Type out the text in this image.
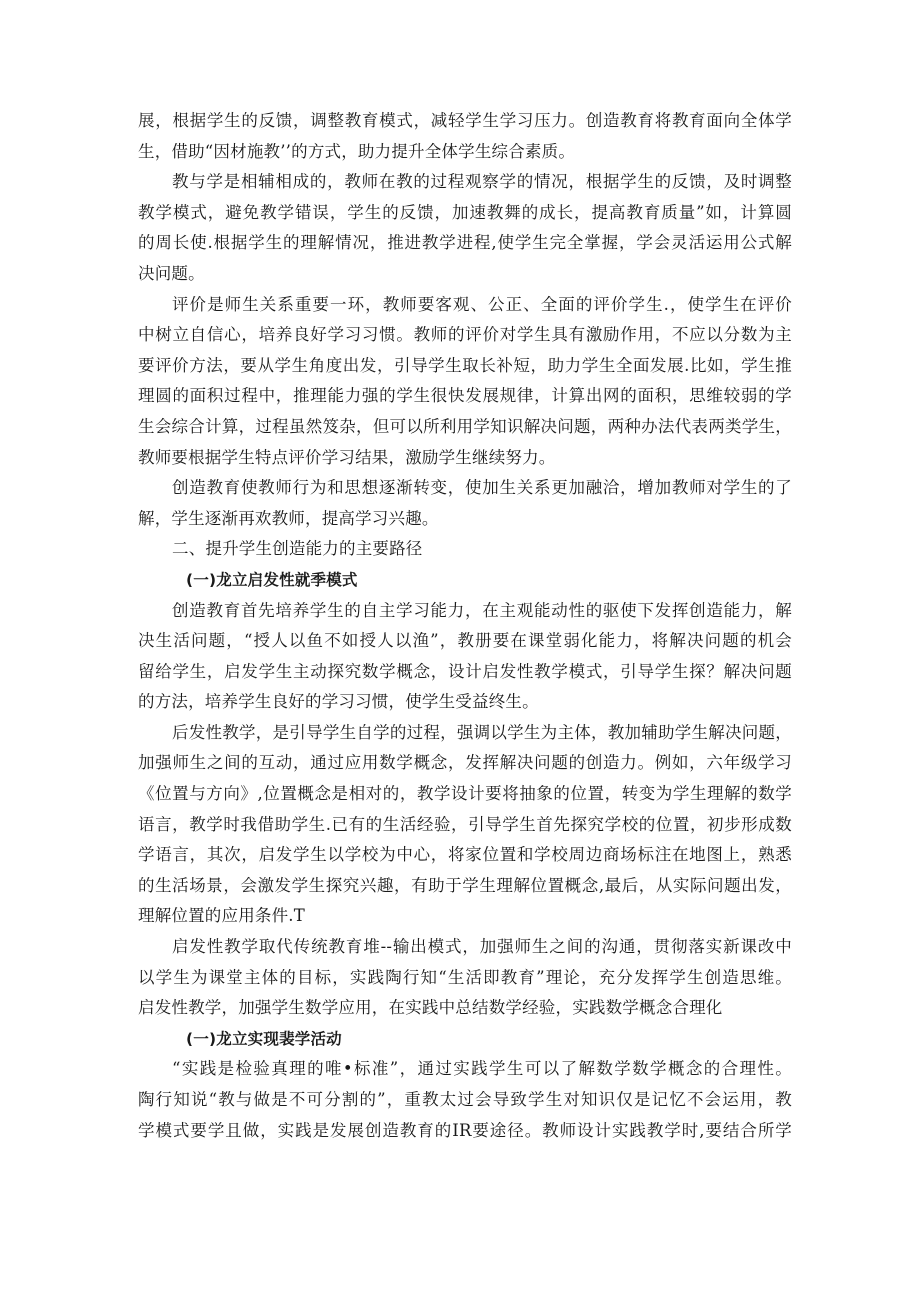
展，根据学生的反馈，调整教育模式，减轻学生学习压力。创造教育将教育面向全体学
生，借助“因材施教’’的方式，助力提升全体学生综合素质。
教与学是相辅相成的，教师在教的过程观察学的情况，根据学生的反馈，及时调整
教学模式，避免教学错误，学生的反馈，加速教舞的成长，提高教育质量”如，计算圆
的周长使.根据学生的理解情况，推进教学进程,使学生完全掌握，学会灵活运用公式解
决问题。
评价是师生关系重要一环，教师要客观、公正、全面的评价学生.，使学生在评价
中树立自信心，培养良好学习习惯。教师的评价对学生具有激励作用，不应以分数为主
要评价方法，要从学生角度出发，引导学生取长补短，助力学生全面发展.比如，学生推
理圆的面积过程中，推理能力强的学生很快发展规律，计算出网的面积，思维较弱的学
生会综合计算，过程虽然笈杂，但可以所利用学知识解决问题，两种办法代表两类学生，
教师要根据学生特点评价学习结果，激励学生继续努力。
创造教育使教师行为和思想逐渐转变，使加生关系更加融洽，增加教师对学生的了
解，学生逐渐再欢教师，提高学习兴趣。
二、提升学生创造能力的主要路径
(一)龙立启发性就季模式
创造教育首先培养学生的自主学习能力，在主观能动性的驱使下发挥创造能力，解
决生活问题，“授人以鱼不如授人以渔”，教册要在课堂弱化能力，将解决问题的机会
留给学生，启发学生主动探究数学概念，设计启发性教学模式，引导学生探？解决问题
的方法，培养学生良好的学习习惯，使学生受益终生。
后发性教学，是引导学生自学的过程，强调以学生为主体，教加辅助学生解决问题，
加强师生之间的互动，通过应用数学概念，发挥解决问题的创造力。例如，六年级学习
《位置与方向》,位置概念是相对的，教学设计要将抽象的位置，转变为学生理解的数学
语言，教学时我借助学生.已有的生活经验，引导学生首先探究学校的位置，初步形成数
学语言，其次，启发学生以学校为中心，将家位置和学校周边商场标注在地图上，熟悉
的生活场景，会激发学生探究兴趣，有助于学生理解位置概念,最后，从实际问题出发，
理解位置的应用条件.T
启发性教学取代传统教育堆--输出模式，加强师生之间的沟通，贯彻落实新课改中
以学生为课堂主体的目标，实践陶行知“生活即教育”理论，充分发挥学生创造思维。
启发性教学，加强学生数学应用，在实践中总结数学经验，实践数学概念合理化
(一)龙立实现裴学活动
“实践是检验真理的唯•标准”，通过实践学生可以了解数学数学概念的合理性。
陶行知说“教与做是不可分割的”，重教太过会导致学生对知识仅是记忆不会运用，教
学模式要学且做，实践是发展创造教育的IR要途径。教师设计实践教学时,要结合所学
